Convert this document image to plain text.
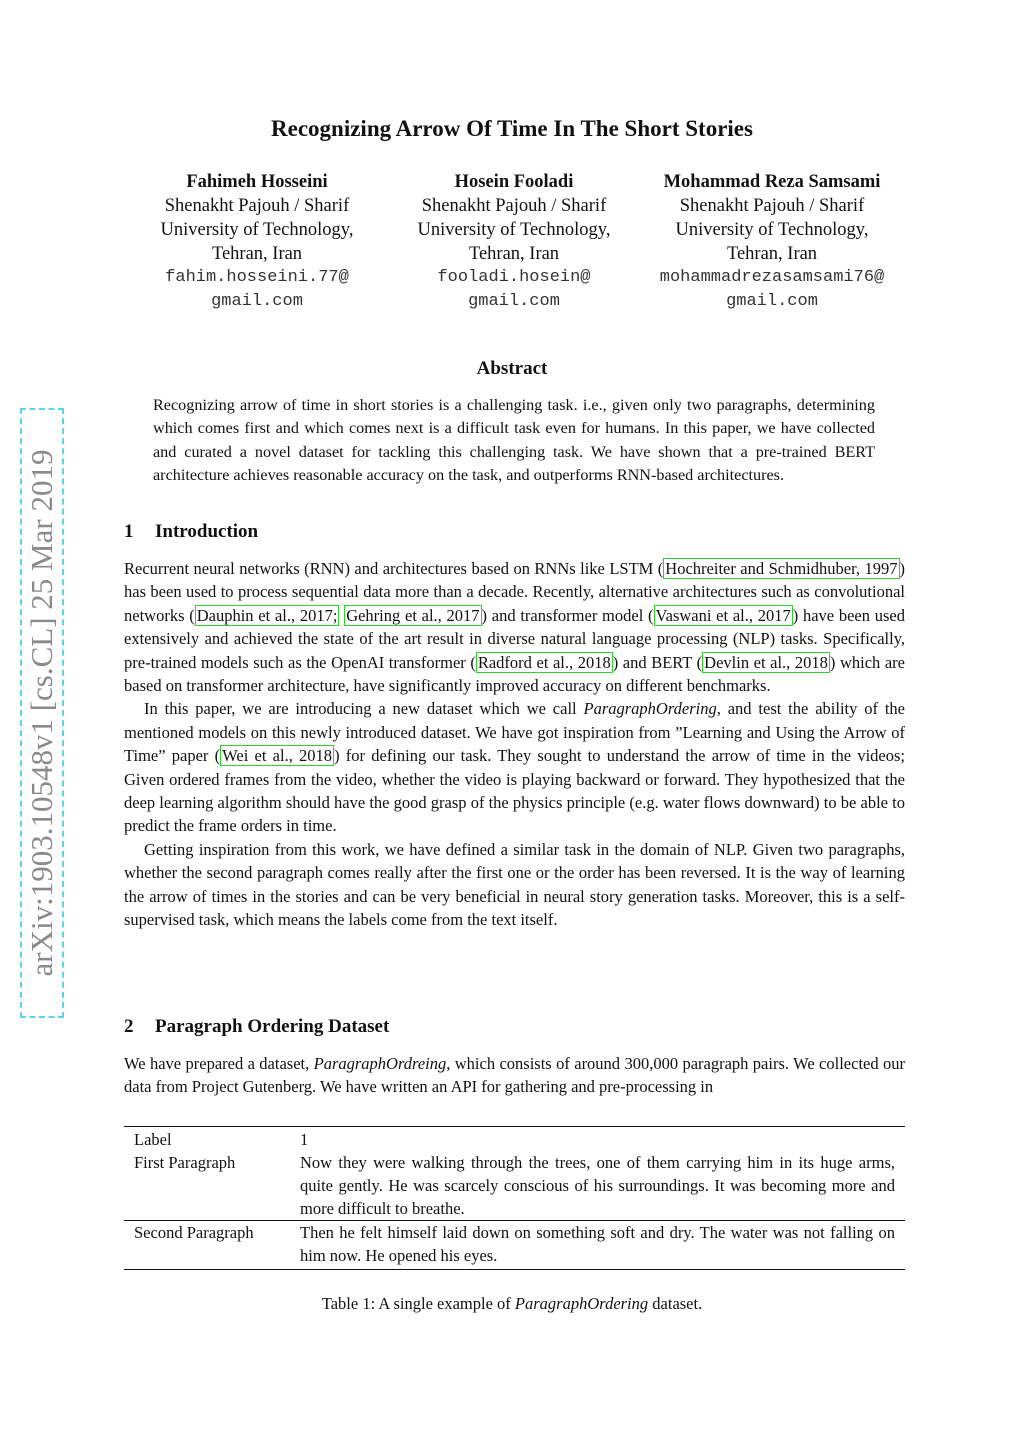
arXiv:1903.10548v1 [cs.CL] 25 Mar 2019
Recognizing Arrow Of Time In The Short Stories
Fahimeh Hosseini
Shenakht Pajouh / Sharif
University of Technology,
Tehran, Iran
fahim.hosseini.77@
gmail.com
Hosein Fooladi
Shenakht Pajouh / Sharif
University of Technology,
Tehran, Iran
fooladi.hosein@
gmail.com
Mohammad Reza Samsami
Shenakht Pajouh / Sharif
University of Technology,
Tehran, Iran
mohammadrezasamsami76@
gmail.com
Abstract
Recognizing arrow of time in short stories is a challenging task. i.e., given only two paragraphs, determining which comes first and which comes next is a difficult task even for humans. In this paper, we have collected and curated a novel dataset for tackling this challenging task. We have shown that a pre-trained BERT architecture achieves reasonable accuracy on the task, and outperforms RNN-based architectures.
1 Introduction

Recurrent neural networks (RNN) and architectures based on RNNs like LSTM ( Hochreiter and Schmidhuber, 1997 ) has been used to process sequential data more than a decade. Recently, alternative architectures such as convolutional networks ( Dauphin et al., 2017; Gehring et al., 2017 ) and transformer model ( Vaswani et al., 2017 ) have been used extensively and achieved the state of the art result in diverse natural language processing (NLP) tasks. Specifically, pre-trained models such as the OpenAI transformer ( Radford et al., 2018 ) and BERT ( Devlin et al., 2018 ) which are based on transformer architecture, have significantly improved accuracy on different benchmarks.

In this paper, we are introducing a new dataset which we call ParagraphOrdering, and test the ability of the mentioned models on this newly introduced dataset. We have got inspiration from ”Learning and Using the Arrow of Time” paper ( Wei et al., 2018 ) for defining our task. They sought to understand the arrow of time in the videos; Given ordered frames from the video, whether the video is playing backward or forward. They hypothesized that the deep learning algorithm should have the good grasp of the physics principle (e.g. water flows downward) to be able to predict the frame orders in time.

Getting inspiration from this work, we have defined a similar task in the domain of NLP. Given two paragraphs, whether the second paragraph comes really after the first one or the order has been reversed. It is the way of learning the arrow of times in the stories and can be very beneficial in neural story generation tasks. Moreover, this is a self-supervised task, which means the labels come from the text itself.

2 Paragraph Ordering Dataset

We have prepared a dataset, ParagraphOrdreing, which consists of around 300,000 paragraph pairs. We collected our data from Project Gutenberg. We have written an API for gathering and pre-processing in

Label	1
First Paragraph	Now they were walking through the trees, one of them carrying him in its huge arms, quite gently. He was scarcely conscious of his surroundings. It was becoming more and more difficult to breathe.
Second Paragraph	Then he felt himself laid down on something soft and dry. The water was not falling on him now. He opened his eyes.
Table 1: A single example of ParagraphOrdering dataset.
